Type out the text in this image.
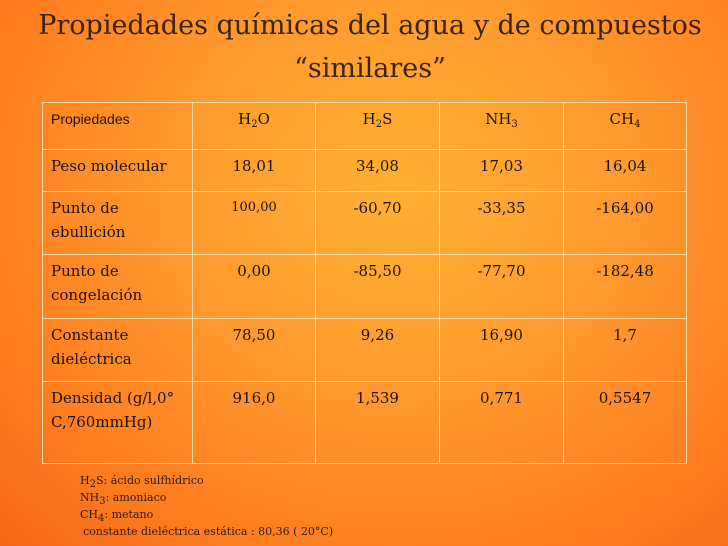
Propiedades químicas del agua y de compuestos
“similares”
Propiedades	$H_2O$	$H_2S$	$NH_3$	$CH_4$
Peso molecular	18,01	34,08	17,03	16,04
Punto de ebullición	100,00	-60,70	-33,35	-164,00
Punto de congelación	0,00	-85,50	-77,70	-182,48
Constante dieléctrica	78,50	9,26	16,90	1,7
Densidad (g/l,0°C,760mmHg)	916,0	1,539	0,771	0,5547
$H_2S$: ácido sulfhídrico
$NH_3$: amoniaco
$CH_4$: metano
constante dieléctrica estática : 80,36 ( 20°C)
